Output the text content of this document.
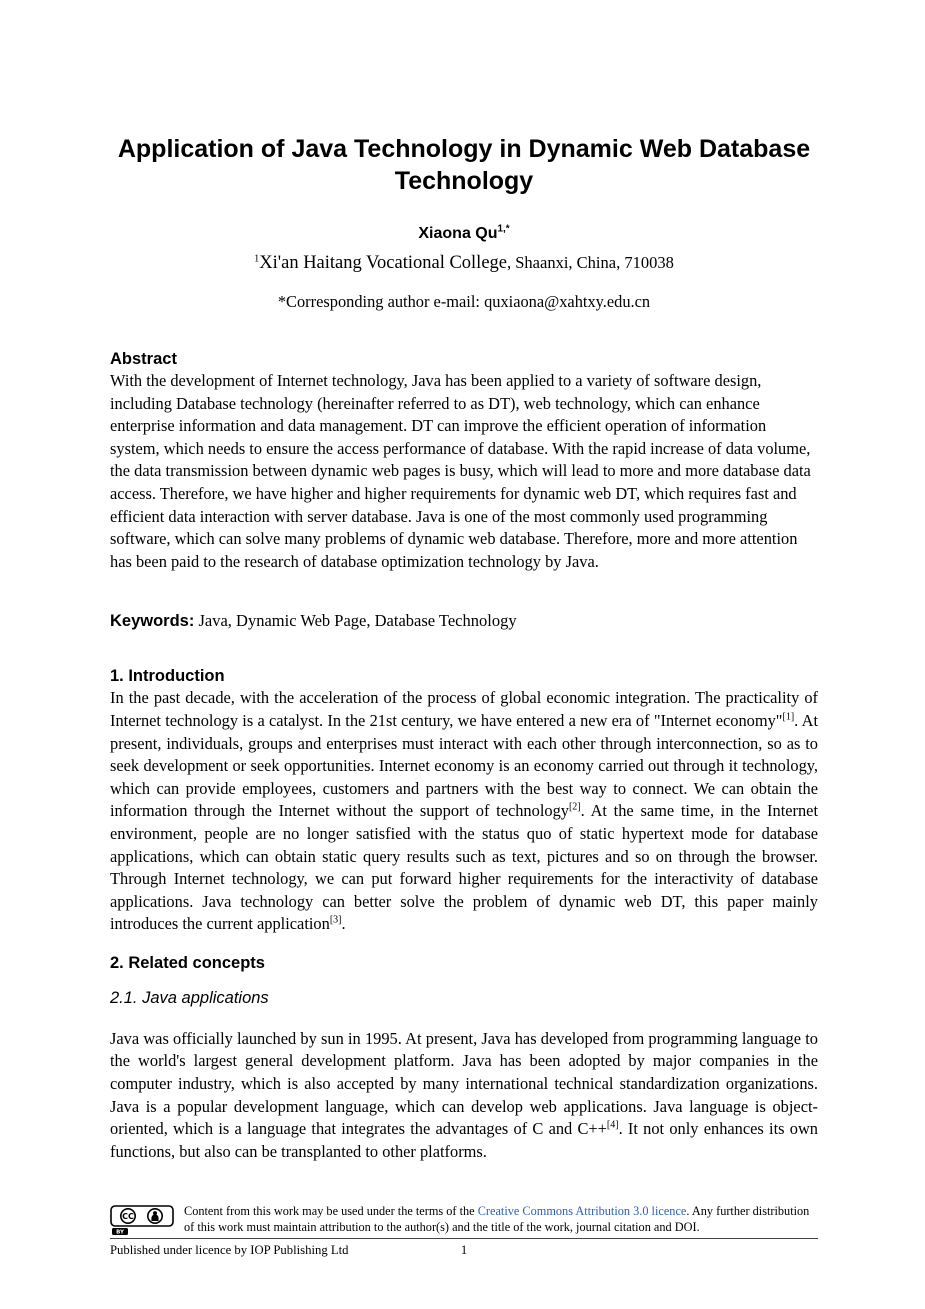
Application of Java Technology in Dynamic Web Database Technology

Xiaona $Qu^{1,*}$

$^1$Xi'an Haitang Vocational College, Shaanxi, China, 710038

*Corresponding author e-mail: quxiaona@xahtxy.edu.cn

Abstract

With the development of Internet technology, Java has been applied to a variety of software design, including Database technology (hereinafter referred to as DT), web technology, which can enhance enterprise information and data management. DT can improve the efficient operation of information system, which needs to ensure the access performance of database. With the rapid increase of data volume, the data transmission between dynamic web pages is busy, which will lead to more and more database data access. Therefore, we have higher and higher requirements for dynamic web DT, which requires fast and efficient data interaction with server database. Java is one of the most commonly used programming software, which can solve many problems of dynamic web database. Therefore, more and more attention has been paid to the research of database optimization technology by Java.

Keywords: Java, Dynamic Web Page, Database Technology

1. Introduction

In the past decade, with the acceleration of the process of global economic integration. The practicality of Internet technology is a catalyst. In the 21st century, we have entered a new era of "Internet economy"[1]. At present, individuals, groups and enterprises must interact with each other through interconnection, so as to seek development or seek opportunities. Internet economy is an economy carried out through it technology, which can provide employees, customers and partners with the best way to connect. We can obtain the information through the Internet without the support of technology[2]. At the same time, in the Internet environment, people are no longer satisfied with the status quo of static hypertext mode for database applications, which can obtain static query results such as text, pictures and so on through the browser. Through Internet technology, we can put forward higher requirements for the interactivity of database applications. Java technology can better solve the problem of dynamic web DT, this paper mainly introduces the current application[3].

2. Related concepts
2.1. Java applications

Java was officially launched by sun in 1995. At present, Java has developed from programming language to the world's largest general development platform. Java has been adopted by major companies in the computer industry, which is also accepted by many international technical standardization organizations. Java is a popular development language, which can develop web applications. Java language is object-oriented, which is a language that integrates the advantages of C and C++[4]. It not only enhances its own functions, but also can be transplanted to other platforms.

CC
BY

Content from this work may be used under the terms of the Creative Commons Attribution 3.0 licence. Any further distribution of this work must maintain attribution to the author(s) and the title of the work, journal citation and DOI.

Published under licence by IOP Publishing Ltd	1
